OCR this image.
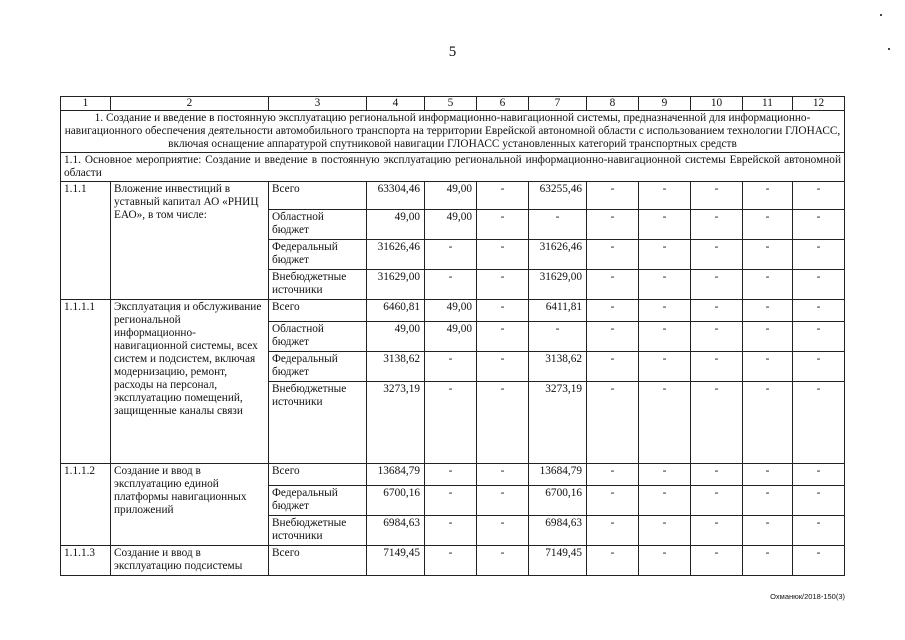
5
1	2	3	4	5	6	7	8	9	10	11	12
1. Создание и введение в постоянную эксплуатацию региональной информационно-навигационной системы, предназначенной для информационно-навигационного обеспечения деятельности автомобильного транспорта на территории Еврейской автономной области с использованием технологии ГЛОНАСС, включая оснащение аппаратурой спутниковой навигации ГЛОНАСС установленных категорий транспортных средств											
1.1. Основное мероприятие: Создание и введение в постоянную эксплуатацию региональной информационно-навигационной системы Еврейской автономной области											
1.1.1	Вложение инвестиций в уставный капитал АО «РНИЦ ЕАО», в том числе:	Всего	63304,46	49,00	-	63255,46	-	-	-	-	-
		Областной бюджет	49,00	49,00	-	-	-	-	-	-	-
		Федеральный бюджет	31626,46	-	-	31626,46	-	-	-	-	-
		Внебюджетные источники	31629,00	-	-	31629,00	-	-	-	-	-
1.1.1.1	Эксплуатация и обслуживание региональной информационно-навигационной системы, всех систем и подсистем, включая модернизацию, ремонт, расходы на персонал, эксплуатацию помещений, защищенные каналы связи	Всего	6460,81	49,00	-	6411,81	-	-	-	-	-
		Областной бюджет	49,00	49,00	-	-	-	-	-	-	-
		Федеральный бюджет	3138,62	-	-	3138,62	-	-	-	-	-
		Внебюджетные источники	3273,19	-	-	3273,19	-	-	-	-	-
1.1.1.2	Создание и ввод в эксплуатацию единой платформы навигационных приложений	Всего	13684,79	-	-	13684,79	-	-	-	-	-
		Федеральный бюджет	6700,16	-	-	6700,16	-	-	-	-	-
		Внебюджетные источники	6984,63	-	-	6984,63	-	-	-	-	-
1.1.1.3	Создание и ввод в эксплуатацию подсистемы	Всего	7149,45	-	-	7149,45	-	-	-	-	-
Охманюк/2018-150(3)
